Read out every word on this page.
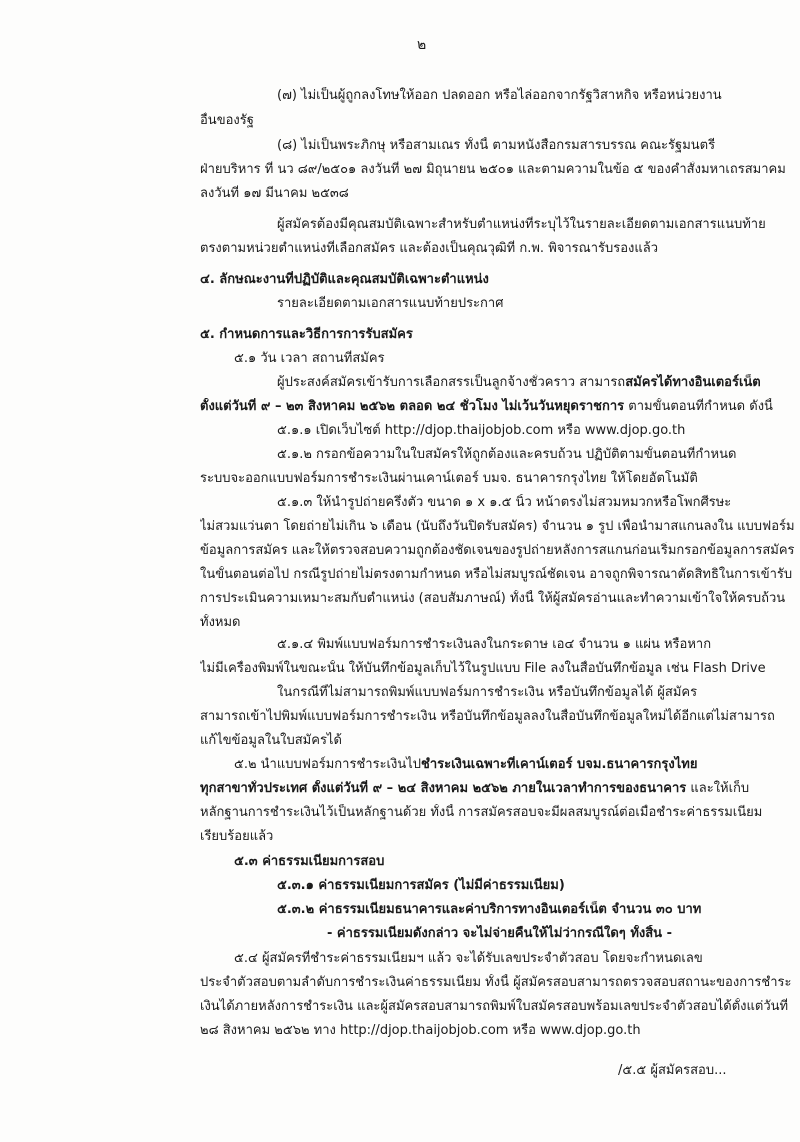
๒
(๗) ไม่เป็นผู้ถูกลงโทษให้ออก ปลดออก หรือไล่ออกจากรัฐวิสาหกิจ หรือหน่วยงาน
อื่นของรัฐ
(๘) ไม่เป็นพระภิกษุ หรือสามเณร ทั้งนี้ ตามหนังสือกรมสารบรรณ คณะรัฐมนตรี
ฝ่ายบริหาร ที่ นว ๘๙/๒๕๐๑ ลงวันที่ ๒๗ มิถุนายน ๒๕๐๑ และตามความในข้อ ๕ ของคำสั่งมหาเถรสมาคม
ลงวันที่ ๑๗ มีนาคม ๒๕๓๘
ผู้สมัครต้องมีคุณสมบัติเฉพาะสำหรับตำแหน่งที่ระบุไว้ในรายละเอียดตามเอกสารแนบท้าย
ตรงตามหน่วยตำแหน่งที่เลือกสมัคร และต้องเป็นคุณวุฒิที่ ก.พ. พิจารณารับรองแล้ว
๔. ลักษณะงานที่ปฏิบัติและคุณสมบัติเฉพาะตำแหน่ง
รายละเอียดตามเอกสารแนบท้ายประกาศ
๕. กำหนดการและวิธีการการรับสมัคร
๕.๑ วัน เวลา สถานที่สมัคร
ผู้ประสงค์สมัครเข้ารับการเลือกสรรเป็นลูกจ้างชั่วคราว สามารถสมัครได้ทางอินเตอร์เน็ต
ตั้งแต่วันที่ ๙ – ๒๓ สิงหาคม ๒๕๖๒ ตลอด ๒๔ ชั่วโมง ไม่เว้นวันหยุดราชการ ตามขั้นตอนที่กำหนด ดังนี้
๕.๑.๑ เปิดเว็บไซต์ http://djop.thaijobjob.com หรือ www.djop.go.th
๕.๑.๒ กรอกข้อความในใบสมัครให้ถูกต้องและครบถ้วน ปฏิบัติตามขั้นตอนที่กำหนด
ระบบจะออกแบบฟอร์มการชำระเงินผ่านเคาน์เตอร์ บมจ. ธนาคารกรุงไทย ให้โดยอัตโนมัติ
๕.๑.๓ ให้นำรูปถ่ายครึ่งตัว ขนาด ๑ x ๑.๕ นิ้ว หน้าตรงไม่สวมหมวกหรือโพกศีรษะ
ไม่สวมแว่นตา โดยถ่ายไม่เกิน ๖ เดือน (นับถึงวันปิดรับสมัคร) จำนวน ๑ รูป เพื่อนำมาสแกนลงใน แบบฟอร์ม
ข้อมูลการสมัคร และให้ตรวจสอบความถูกต้องชัดเจนของรูปถ่ายหลังการสแกนก่อนเริ่มกรอกข้อมูลการสมัคร
ในขั้นตอนต่อไป กรณีรูปถ่ายไม่ตรงตามกำหนด หรือไม่สมบูรณ์ชัดเจน อาจถูกพิจารณาตัดสิทธิในการเข้ารับ
การประเมินความเหมาะสมกับตำแหน่ง (สอบสัมภาษณ์) ทั้งนี้ ให้ผู้สมัครอ่านและทำความเข้าใจให้ครบถ้วน
ทั้งหมด
๕.๑.๔ พิมพ์แบบฟอร์มการชำระเงินลงในกระดาษ เอ๔ จำนวน ๑ แผ่น หรือหาก
ไม่มีเครื่องพิมพ์ในขณะนั้น ให้บันทึกข้อมูลเก็บไว้ในรูปแบบ File ลงในสื่อบันทึกข้อมูล เช่น Flash Drive
ในกรณีที่ไม่สามารถพิมพ์แบบฟอร์มการชำระเงิน หรือบันทึกข้อมูลได้ ผู้สมัคร
สามารถเข้าไปพิมพ์แบบฟอร์มการชำระเงิน หรือบันทึกข้อมูลลงในสื่อบันทึกข้อมูลใหม่ได้อีกแต่ไม่สามารถ
แก้ไขข้อมูลในใบสมัครได้
๕.๒ นำแบบฟอร์มการชำระเงินไปชำระเงินเฉพาะที่เคาน์เตอร์ บจม.ธนาคารกรุงไทย
ทุกสาขาทั่วประเทศ ตั้งแต่วันที่ ๙ – ๒๔ สิงหาคม ๒๕๖๒ ภายในเวลาทำการของธนาคาร และให้เก็บ
หลักฐานการชำระเงินไว้เป็นหลักฐานด้วย ทั้งนี้ การสมัครสอบจะมีผลสมบูรณ์ต่อเมื่อชำระค่าธรรมเนียม
เรียบร้อยแล้ว
๕.๓ ค่าธรรมเนียมการสอบ
๕.๓.๑ ค่าธรรมเนียมการสมัคร (ไม่มีค่าธรรมเนียม)
๕.๓.๒ ค่าธรรมเนียมธนาคารและค่าบริการทางอินเตอร์เน็ต จำนวน ๓๐ บาท
- ค่าธรรมเนียมดังกล่าว จะไม่จ่ายคืนให้ไม่ว่ากรณีใดๆ ทั้งสิ้น -
๕.๔ ผู้สมัครที่ชำระค่าธรรมเนียมฯ แล้ว จะได้รับเลขประจำตัวสอบ โดยจะกำหนดเลข
ประจำตัวสอบตามลำดับการชำระเงินค่าธรรมเนียม ทั้งนี้ ผู้สมัครสอบสามารถตรวจสอบสถานะของการชำระ
เงินได้ภายหลังการชำระเงิน และผู้สมัครสอบสามารถพิมพ์ใบสมัครสอบพร้อมเลขประจำตัวสอบได้ตั้งแต่วันที่
๒๘ สิงหาคม ๒๕๖๒ ทาง http://djop.thaijobjob.com หรือ www.djop.go.th
/๕.๕ ผู้สมัครสอบ...
